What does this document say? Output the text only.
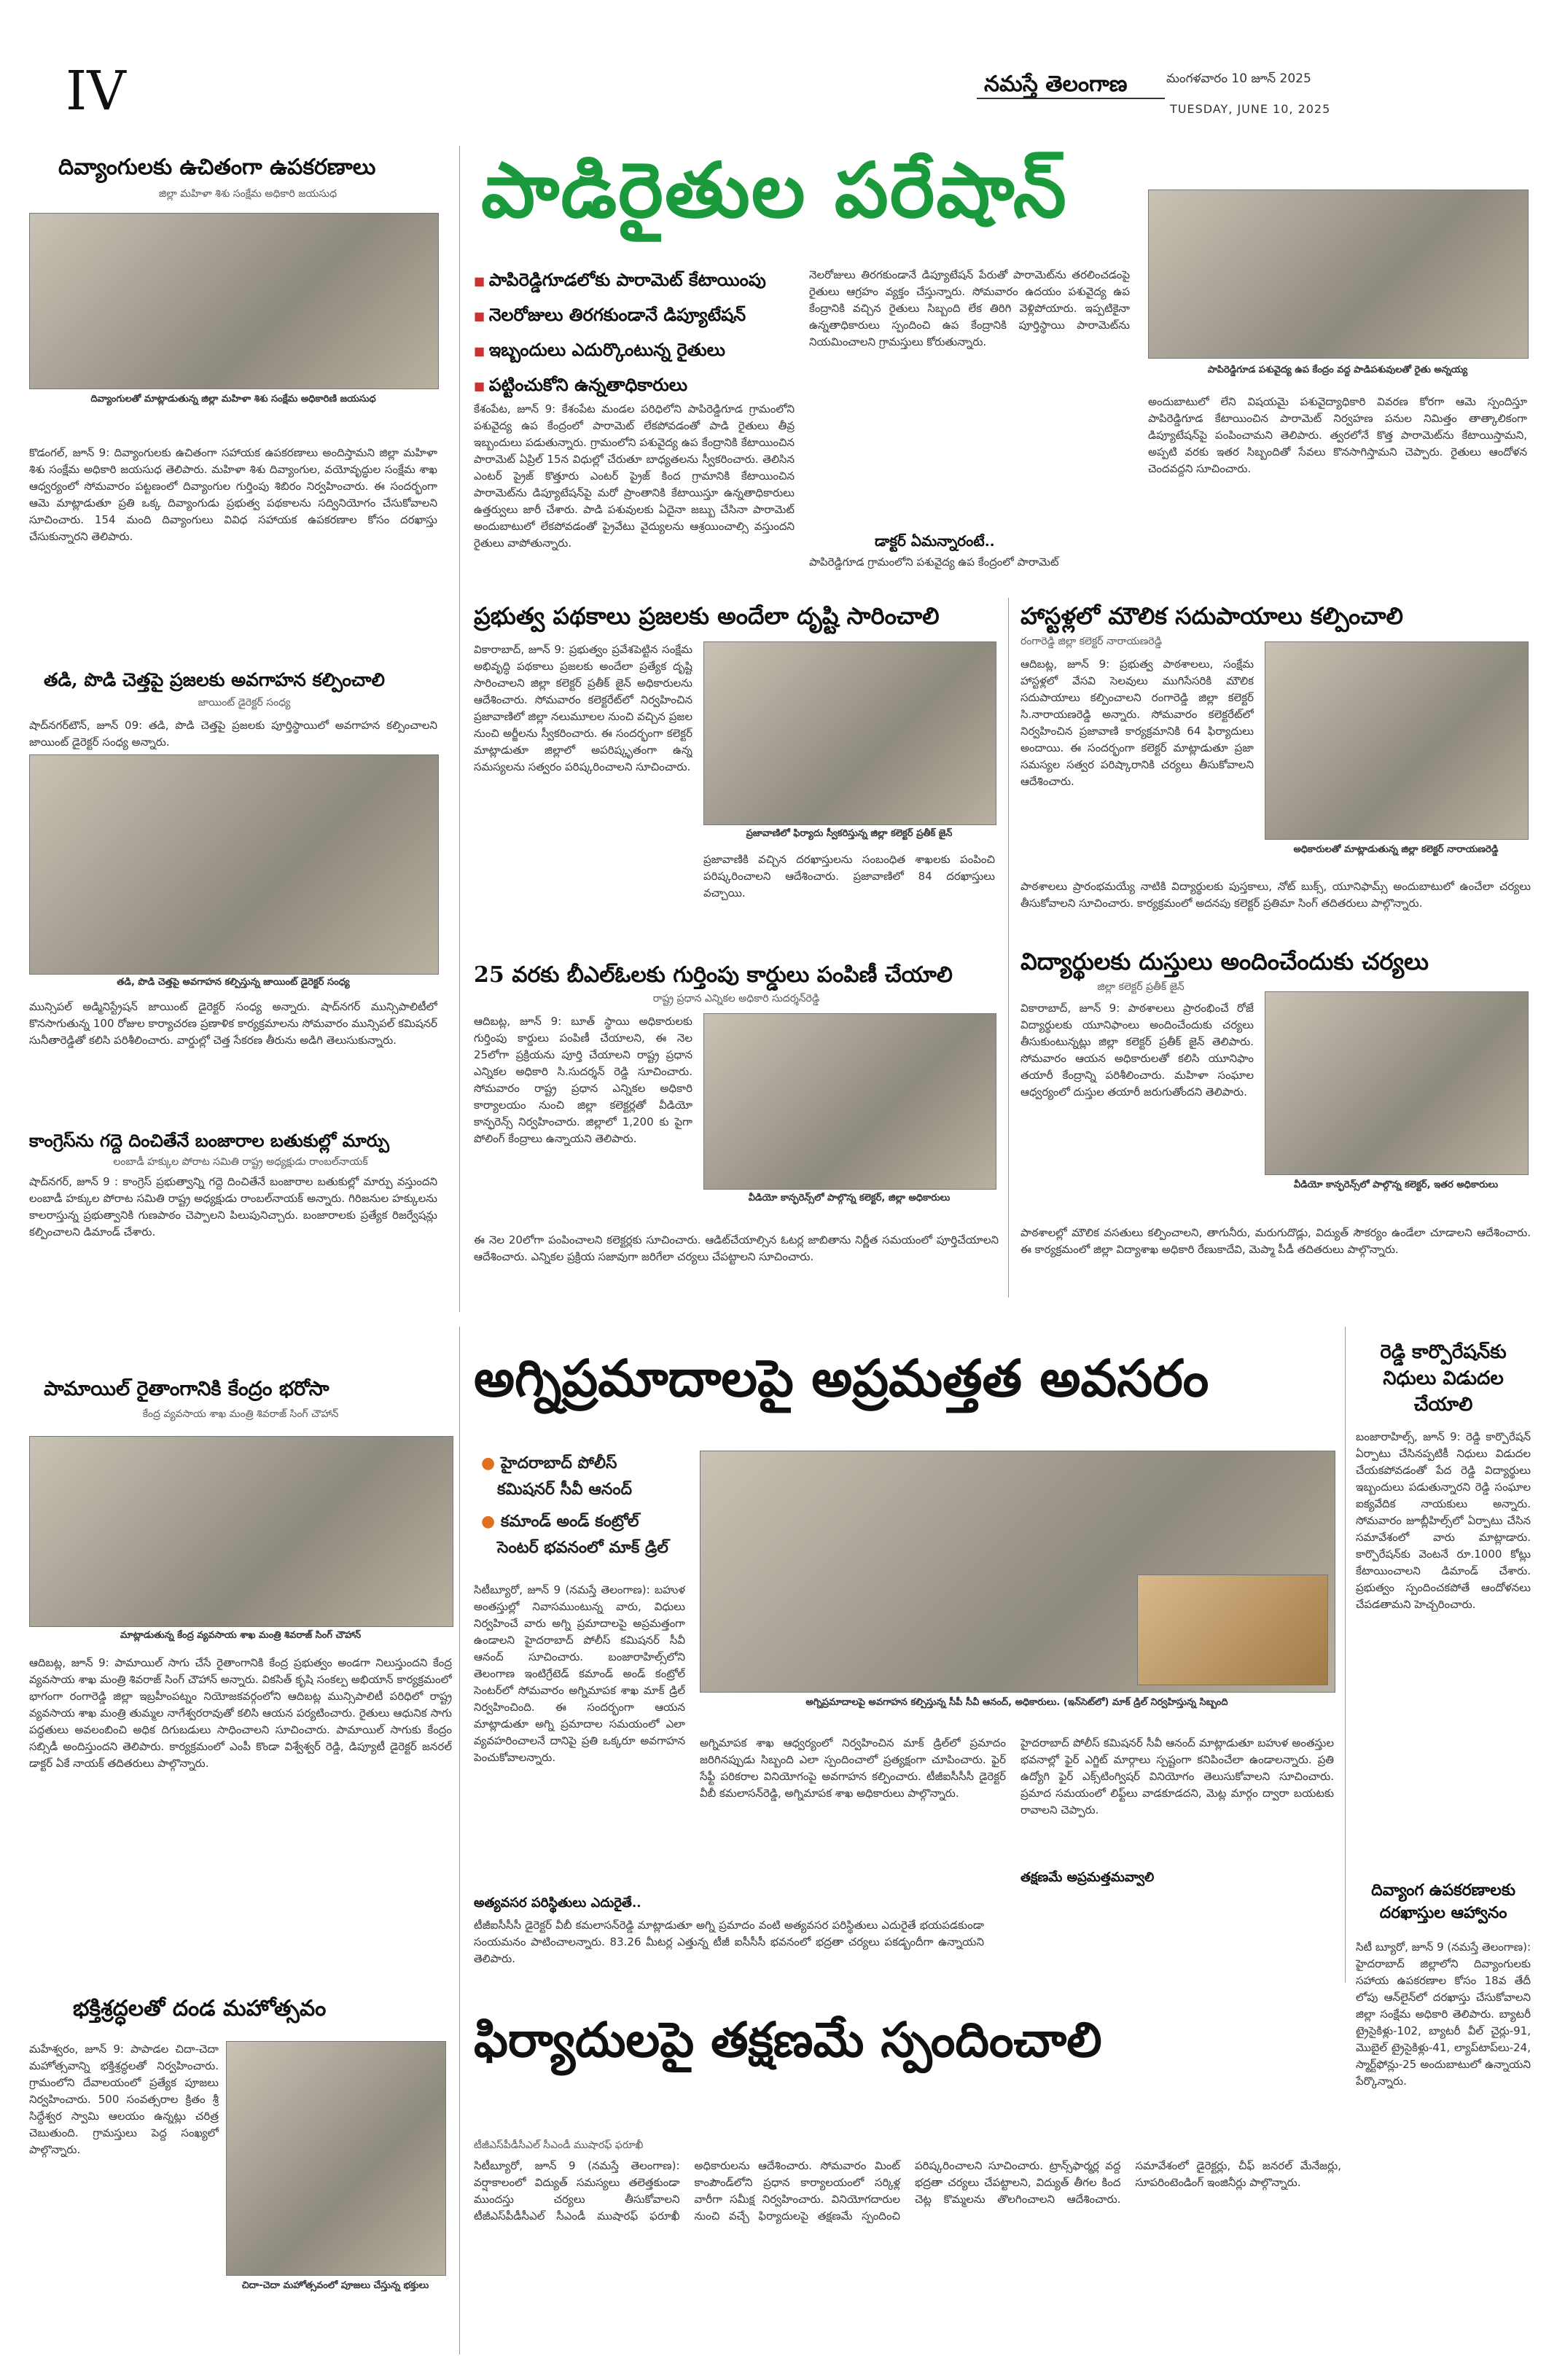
IV	నమస్తే తెలంగాణ	మంగళవారం 10 జూన్ 2025
TUESDAY, JUNE 10, 2025
దివ్యాంగులకు ఉచితంగా ఉపకరణాలు
జిల్లా మహిళా శిశు సంక్షేమ అధికారి జయసుధ
దివ్యాంగులతో మాట్లాడుతున్న జిల్లా మహిళా శిశు సంక్షేమ అధికారిణి జయసుధ
కొడంగల్, జూన్ 9: దివ్యాంగులకు ఉచితంగా సహాయక ఉపకరణాలు అందిస్తామని జిల్లా మహిళా శిశు సంక్షేమ అధికారి జయసుధ తెలిపారు. మహిళా శిశు దివ్యాంగుల, వయోవృద్ధుల సంక్షేమ శాఖ ఆధ్వర్యంలో సోమవారం పట్టణంలో దివ్యాంగుల గుర్తింపు శిబిరం నిర్వహించారు. ఈ సందర్భంగా ఆమె మాట్లాడుతూ ప్రతి ఒక్క దివ్యాంగుడు ప్రభుత్వ పథకాలను సద్వినియోగం చేసుకోవాలని సూచించారు. 154 మంది దివ్యాంగులు వివిధ సహాయక ఉపకరణాల కోసం దరఖాస్తు చేసుకున్నారని తెలిపారు.
తడి, పొడి చెత్తపై ప్రజలకు అవగాహన కల్పించాలి
జాయింట్ డైరెక్టర్ సంధ్య
షాద్‌నగర్‌టౌన్, జూన్ 09: తడి, పొడి చెత్తపై ప్రజలకు పూర్తిస్థాయిలో అవగాహన కల్పించాలని జాయింట్ డైరెక్టర్ సంధ్య అన్నారు.
తడి, పొడి చెత్తపై అవగాహన కల్పిస్తున్న జాయింట్ డైరెక్టర్ సంధ్య
మున్సిపల్ అడ్మినిస్ట్రేషన్ జాయింట్ డైరెక్టర్ సంధ్య అన్నారు. షాద్‌నగర్ మున్సిపాలిటీలో కొనసాగుతున్న 100 రోజుల కార్యాచరణ ప్రణాళిక కార్యక్రమాలను సోమవారం మున్సిపల్ కమిషనర్ సునీతారెడ్డితో కలిసి పరిశీలించారు. వార్డుల్లో చెత్త సేకరణ తీరును అడిగి తెలుసుకున్నారు.
కాంగ్రెస్‌ను గద్దె దించితేనే బంజారాల బతుకుల్లో మార్పు
లంబాడీ హక్కుల పోరాట సమితి రాష్ట్ర అధ్యక్షుడు రాంబల్‌నాయక్
షాద్‌నగర్, జూన్ 9 : కాంగ్రెస్ ప్రభుత్వాన్ని గద్దె దించితేనే బంజారాల బతుకుల్లో మార్పు వస్తుందని లంబాడీ హక్కుల పోరాట సమితి రాష్ట్ర అధ్యక్షుడు రాంబల్‌నాయక్ అన్నారు. గిరిజనుల హక్కులను కాలరాస్తున్న ప్రభుత్వానికి గుణపాఠం చెప్పాలని పిలుపునిచ్చారు. బంజారాలకు ప్రత్యేక రిజర్వేషన్లు కల్పించాలని డిమాండ్ చేశారు.
పామాయిల్ రైతాంగానికి కేంద్రం భరోసా
కేంద్ర వ్యవసాయ శాఖ మంత్రి శివరాజ్ సింగ్ చౌహాన్
మాట్లాడుతున్న కేంద్ర వ్యవసాయ శాఖ మంత్రి శివరాజ్ సింగ్ చౌహాన్
ఆదిబట్ల, జూన్ 9: పామాయిల్ సాగు చేసే రైతాంగానికి కేంద్ర ప్రభుత్వం అండగా నిలుస్తుందని కేంద్ర వ్యవసాయ శాఖ మంత్రి శివరాజ్ సింగ్ చౌహాన్ అన్నారు. వికసిత్ కృషి సంకల్ప అభియాన్ కార్యక్రమంలో భాగంగా రంగారెడ్డి జిల్లా ఇబ్రహీంపట్నం నియోజకవర్గంలోని ఆదిబట్ల మున్సిపాలిటీ పరిధిలో రాష్ట్ర వ్యవసాయ శాఖ మంత్రి తుమ్మల నాగేశ్వరరావుతో కలిసి ఆయన పర్యటించారు. రైతులు ఆధునిక సాగు పద్ధతులు అవలంబించి అధిక దిగుబడులు సాధించాలని సూచించారు. పామాయిల్ సాగుకు కేంద్రం సబ్సిడీ అందిస్తుందని తెలిపారు. కార్యక్రమంలో ఎంపీ కొండా విశ్వేశ్వర్ రెడ్డి, డిప్యూటీ డైరెక్టర్ జనరల్ డాక్టర్ ఏకే నాయక్ తదితరులు పాల్గొన్నారు.
భక్తిశ్రద్ధలతో దండ మహోత్సవం
మహేశ్వరం, జూన్ 9: పాపాడల చిదా-చెదా మహోత్సవాన్ని భక్తిశ్రద్ధలతో నిర్వహించారు. గ్రామంలోని దేవాలయంలో ప్రత్యేక పూజలు నిర్వహించారు. 500 సంవత్సరాల క్రితం శ్రీ సిద్ధేశ్వర స్వామి ఆలయం ఉన్నట్లు చరిత్ర చెబుతుంది. గ్రామస్తులు పెద్ద సంఖ్యలో పాల్గొన్నారు.
చిదా-చెదా మహోత్సవంలో పూజలు చేస్తున్న భక్తులు
పాడిరైతుల పరేషాన్
■ పాపిరెడ్డిగూడలోకు పారామెట్ కేటాయింపు
■ నెలరోజులు తిరగకుండానే డిప్యూటేషన్
■ ఇబ్బందులు ఎదుర్కొంటున్న రైతులు
■ పట్టించుకోని ఉన్నతాధికారులు
కేశంపేట, జూన్ 9: కేశంపేట మండల పరిధిలోని పాపిరెడ్డిగూడ గ్రామంలోని పశువైద్య ఉప కేంద్రంలో పారామెట్ లేకపోవడంతో పాడి రైతులు తీవ్ర ఇబ్బందులు పడుతున్నారు. గ్రామంలోని పశువైద్య ఉప కేంద్రానికి కేటాయించిన పారామెట్ ఏప్రిల్ 15న విధుల్లో చేరుతూ బాధ్యతలను స్వీకరించారు. తెలిసిన ఎంటర్ ప్రైజ్ కొత్తూరు ఎంటర్ ప్రైజ్ కింద గ్రామానికి కేటాయించిన పారామెట్‌ను డిప్యూటేషన్‌పై మరో ప్రాంతానికి కేటాయిస్తూ ఉన్నతాధికారులు ఉత్తర్వులు జారీ చేశారు. పాడి పశువులకు ఏదైనా జబ్బు చేసినా పారామెట్ అందుబాటులో లేకపోవడంతో ప్రైవేటు వైద్యులను ఆశ్రయించాల్సి వస్తుందని రైతులు వాపోతున్నారు.
నెలరోజులు తిరగకుండానే డిప్యూటేషన్ పేరుతో పారామెట్‌ను తరలించడంపై రైతులు ఆగ్రహం వ్యక్తం చేస్తున్నారు. సోమవారం ఉదయం పశువైద్య ఉప కేంద్రానికి వచ్చిన రైతులు సిబ్బంది లేక తిరిగి వెళ్లిపోయారు. ఇప్పటికైనా ఉన్నతాధికారులు స్పందించి ఉప కేంద్రానికి పూర్తిస్థాయి పారామెట్‌ను నియమించాలని గ్రామస్తులు కోరుతున్నారు.
డాక్టర్ ఏమన్నారంటే..
పాపిరెడ్డిగూడ గ్రామంలోని పశువైద్య ఉప కేంద్రంలో పారామెట్
పాపిరెడ్డిగూడ పశువైద్య ఉప కేంద్రం వద్ద పాడిపశువులతో రైతు అన్నయ్య
అందుబాటులో లేని విషయమై పశువైద్యాధికారి వివరణ కోరగా ఆమె స్పందిస్తూ పాపిరెడ్డిగూడ కేటాయించిన పారామెట్ నిర్వహణ పనుల నిమిత్తం తాత్కాలికంగా డిప్యూటేషన్‌పై పంపించామని తెలిపారు. త్వరలోనే కొత్త పారామెట్‌ను కేటాయిస్తామని, అప్పటి వరకు ఇతర సిబ్బందితో సేవలు కొనసాగిస్తామని చెప్పారు. రైతులు ఆందోళన చెందవద్దని సూచించారు.
ప్రభుత్వ పథకాలు ప్రజలకు అందేలా దృష్టి సారించాలి
వికారాబాద్, జూన్ 9: ప్రభుత్వం ప్రవేశపెట్టిన సంక్షేమ అభివృద్ధి పథకాలు ప్రజలకు అందేలా ప్రత్యేక దృష్టి సారించాలని జిల్లా కలెక్టర్ ప్రతీక్ జైన్ అధికారులను ఆదేశించారు. సోమవారం కలెక్టరేట్‌లో నిర్వహించిన ప్రజావాణిలో జిల్లా నలుమూలల నుంచి వచ్చిన ప్రజల నుంచి అర్జీలను స్వీకరించారు. ఈ సందర్భంగా కలెక్టర్ మాట్లాడుతూ జిల్లాలో అపరిష్కృతంగా ఉన్న సమస్యలను సత్వరం పరిష్కరించాలని సూచించారు.
ప్రజావాణిలో ఫిర్యాదు స్వీకరిస్తున్న జిల్లా కలెక్టర్ ప్రతీక్ జైన్
ప్రజావాణికి వచ్చిన దరఖాస్తులను సంబంధిత శాఖలకు పంపించి పరిష్కరించాలని ఆదేశించారు. ప్రజావాణిలో 84 దరఖాస్తులు వచ్చాయి.
25 వరకు బీఎల్‌ఓలకు గుర్తింపు కార్డులు పంపిణీ చేయాలి
రాష్ట్ర ప్రధాన ఎన్నికల అధికారి సుదర్శన్‌రెడ్డి
ఆదిబట్ల, జూన్ 9: బూత్ స్థాయి అధికారులకు గుర్తింపు కార్డులు పంపిణీ చేయాలని, ఈ నెల 25లోగా ప్రక్రియను పూర్తి చేయాలని రాష్ట్ర ప్రధాన ఎన్నికల అధికారి సి.సుదర్శన్ రెడ్డి సూచించారు. సోమవారం రాష్ట్ర ప్రధాన ఎన్నికల అధికారి కార్యాలయం నుంచి జిల్లా కలెక్టర్లతో వీడియో కాన్ఫరెన్స్ నిర్వహించారు. జిల్లాలో 1,200 కు పైగా పోలింగ్ కేంద్రాలు ఉన్నాయని తెలిపారు.
వీడియో కాన్ఫరెన్స్‌లో పాల్గొన్న కలెక్టర్, జిల్లా అధికారులు
ఈ నెల 20లోగా పంపించాలని కలెక్టర్లకు సూచించారు. ఆడిట్‌చేయాల్సిన ఓటర్ల జాబితాను నిర్ణీత సమయంలో పూర్తిచేయాలని ఆదేశించారు. ఎన్నికల ప్రక్రియ సజావుగా జరిగేలా చర్యలు చేపట్టాలని సూచించారు.
హాస్టళ్లలో మౌలిక సదుపాయాలు కల్పించాలి
రంగారెడ్డి జిల్లా కలెక్టర్ నారాయణరెడ్డి
ఆదిబట్ల, జూన్ 9: ప్రభుత్వ పాఠశాలలు, సంక్షేమ హాస్టళ్లలో వేసవి సెలవులు ముగిసేసరికి మౌలిక సదుపాయాలు కల్పించాలని రంగారెడ్డి జిల్లా కలెక్టర్ సి.నారాయణరెడ్డి అన్నారు. సోమవారం కలెక్టరేట్‌లో నిర్వహించిన ప్రజావాణి కార్యక్రమానికి 64 ఫిర్యాదులు అందాయి. ఈ సందర్భంగా కలెక్టర్ మాట్లాడుతూ ప్రజా సమస్యల సత్వర పరిష్కారానికి చర్యలు తీసుకోవాలని ఆదేశించారు.
అధికారులతో మాట్లాడుతున్న జిల్లా కలెక్టర్ నారాయణరెడ్డి
పాఠశాలలు ప్రారంభమయ్యే నాటికి విద్యార్థులకు పుస్తకాలు, నోట్ బుక్స్, యూనిఫామ్స్ అందుబాటులో ఉంచేలా చర్యలు తీసుకోవాలని సూచించారు. కార్యక్రమంలో అదనపు కలెక్టర్ ప్రతిమా సింగ్ తదితరులు పాల్గొన్నారు.
విద్యార్థులకు దుస్తులు అందించేందుకు చర్యలు
జిల్లా కలెక్టర్ ప్రతీక్ జైన్
వికారాబాద్, జూన్ 9: పాఠశాలలు ప్రారంభించే రోజే విద్యార్థులకు యూనిఫాంలు అందించేందుకు చర్యలు తీసుకుంటున్నట్లు జిల్లా కలెక్టర్ ప్రతీక్ జైన్ తెలిపారు. సోమవారం ఆయన అధికారులతో కలిసి యూనిఫాం తయారీ కేంద్రాన్ని పరిశీలించారు. మహిళా సంఘాల ఆధ్వర్యంలో దుస్తుల తయారీ జరుగుతోందని తెలిపారు.
వీడియో కాన్ఫరెన్స్‌లో పాల్గొన్న కలెక్టర్, ఇతర అధికారులు
పాఠశాలల్లో మౌలిక వసతులు కల్పించాలని, తాగునీరు, మరుగుదొడ్లు, విద్యుత్ సౌకర్యం ఉండేలా చూడాలని ఆదేశించారు. ఈ కార్యక్రమంలో జిల్లా విద్యాశాఖ అధికారి రేణుకాదేవి, మెప్మా పీడీ తదితరులు పాల్గొన్నారు.
అగ్నిప్రమాదాలపై అప్రమత్తత అవసరం
● హైదరాబాద్ పోలీస్
కమిషనర్ సీవీ ఆనంద్
● కమాండ్ అండ్ కంట్రోల్
సెంటర్ భవనంలో మాక్ డ్రిల్
సిటీబ్యూరో, జూన్ 9 (నమస్తే తెలంగాణ): బహుళ అంతస్తుల్లో నివాసముంటున్న వారు, విధులు నిర్వహించే వారు అగ్ని ప్రమాదాలపై అప్రమత్తంగా ఉండాలని హైదరాబాద్ పోలీస్ కమిషనర్ సీవీ ఆనంద్ సూచించారు. బంజారాహిల్స్‌లోని తెలంగాణ ఇంటిగ్రేటెడ్ కమాండ్ అండ్ కంట్రోల్ సెంటర్‌లో సోమవారం అగ్నిమాపక శాఖ మాక్ డ్రిల్ నిర్వహించింది. ఈ సందర్భంగా ఆయన మాట్లాడుతూ అగ్ని ప్రమాదాల సమయంలో ఎలా వ్యవహరించాలనే దానిపై ప్రతి ఒక్కరూ అవగాహన పెంచుకోవాలన్నారు.
అగ్నిప్రమాదాలపై అవగాహన కల్పిస్తున్న సీపీ సీవీ ఆనంద్, అధికారులు. (ఇన్‌సెట్‌లో) మాక్ డ్రిల్ నిర్వహిస్తున్న సిబ్బంది
అగ్నిమాపక శాఖ ఆధ్వర్యంలో నిర్వహించిన మాక్ డ్రిల్‌లో ప్రమాదం జరిగినప్పుడు సిబ్బంది ఎలా స్పందించాలో ప్రత్యక్షంగా చూపించారు. ఫైర్ సేఫ్టీ పరికరాల వినియోగంపై అవగాహన కల్పించారు. టీజీఐసీసీసీ డైరెక్టర్ వీబీ కమలాసన్‌రెడ్డి, అగ్నిమాపక శాఖ అధికారులు పాల్గొన్నారు.
అత్యవసర పరిస్థితులు ఎదురైతే..
టీజీఐసీసీసీ డైరెక్టర్ వీబీ కమలాసన్‌రెడ్డి మాట్లాడుతూ అగ్ని ప్రమాదం వంటి అత్యవసర పరిస్థితులు ఎదురైతే భయపడకుండా సంయమనం పాటించాలన్నారు. 83.26 మీటర్ల ఎత్తున్న టీజీ ఐసీసీసీ భవనంలో భద్రతా చర్యలు పకడ్బందీగా ఉన్నాయని తెలిపారు.
తక్షణమే అప్రమత్తమవ్వాలి
హైదరాబాద్ పోలీస్ కమిషనర్ సీవీ ఆనంద్ మాట్లాడుతూ బహుళ అంతస్తుల భవనాల్లో ఫైర్ ఎగ్జిట్ మార్గాలు స్పష్టంగా కనిపించేలా ఉండాలన్నారు. ప్రతి ఉద్యోగి ఫైర్ ఎక్స్‌టింగ్విషర్ వినియోగం తెలుసుకోవాలని సూచించారు. ప్రమాద సమయంలో లిఫ్ట్‌లు వాడకూడదని, మెట్ల మార్గం ద్వారా బయటకు రావాలని చెప్పారు.
రెడ్డి కార్పొరేషన్‌కు నిధులు విడుదల చేయాలి
బంజారాహిల్స్, జూన్ 9: రెడ్డి కార్పొరేషన్ ఏర్పాటు చేసినప్పటికీ నిధులు విడుదల చేయకపోవడంతో పేద రెడ్డి విద్యార్థులు ఇబ్బందులు పడుతున్నారని రెడ్డి సంఘాల ఐక్యవేదిక నాయకులు అన్నారు. సోమవారం జూబ్లీహిల్స్‌లో ఏర్పాటు చేసిన సమావేశంలో వారు మాట్లాడారు. కార్పొరేషన్‌కు వెంటనే రూ.1000 కోట్లు కేటాయించాలని డిమాండ్ చేశారు. ప్రభుత్వం స్పందించకపోతే ఆందోళనలు చేపడతామని హెచ్చరించారు.
దివ్యాంగ ఉపకరణాలకు దరఖాస్తుల ఆహ్వానం
సిటీ బ్యూరో, జూన్ 9 (నమస్తే తెలంగాణ): హైదరాబాద్ జిల్లాలోని దివ్యాంగులకు సహాయ ఉపకరణాల కోసం 18వ తేదీ లోపు ఆన్‌లైన్‌లో దరఖాస్తు చేసుకోవాలని జిల్లా సంక్షేమ అధికారి తెలిపారు. బ్యాటరీ ట్రైసైకిళ్లు-102, బ్యాటరీ వీల్ చైర్లు-91, మొబైల్ ట్రైసైకిళ్లు-41, ల్యాప్‌టాప్‌లు-24, స్మార్ట్‌ఫోన్లు-25 అందుబాటులో ఉన్నాయని పేర్కొన్నారు.
ఫిర్యాదులపై తక్షణమే స్పందించాలి
టీజీఎస్‌పీడీసీఎల్ సీఎండీ ముషారఫ్ ఫరూఖీ
సిటీబ్యూరో, జూన్ 9 (నమస్తే తెలంగాణ): వర్షాకాలంలో విద్యుత్ సమస్యలు తలెత్తకుండా ముందస్తు చర్యలు తీసుకోవాలని టీజీఎస్‌పీడీసీఎల్ సీఎండీ ముషారఫ్ ఫరూఖీ అధికారులను ఆదేశించారు. సోమవారం మింట్ కాంపౌండ్‌లోని ప్రధాన కార్యాలయంలో సర్కిళ్ల వారీగా సమీక్ష నిర్వహించారు. వినియోగదారుల నుంచి వచ్చే ఫిర్యాదులపై తక్షణమే స్పందించి పరిష్కరించాలని సూచించారు. ట్రాన్స్‌ఫార్మర్ల వద్ద భద్రతా చర్యలు చేపట్టాలని, విద్యుత్ తీగల కింద చెట్ల కొమ్మలను తొలగించాలని ఆదేశించారు. సమావేశంలో డైరెక్టర్లు, చీఫ్ జనరల్ మేనేజర్లు, సూపరింటెండింగ్ ఇంజినీర్లు పాల్గొన్నారు.
